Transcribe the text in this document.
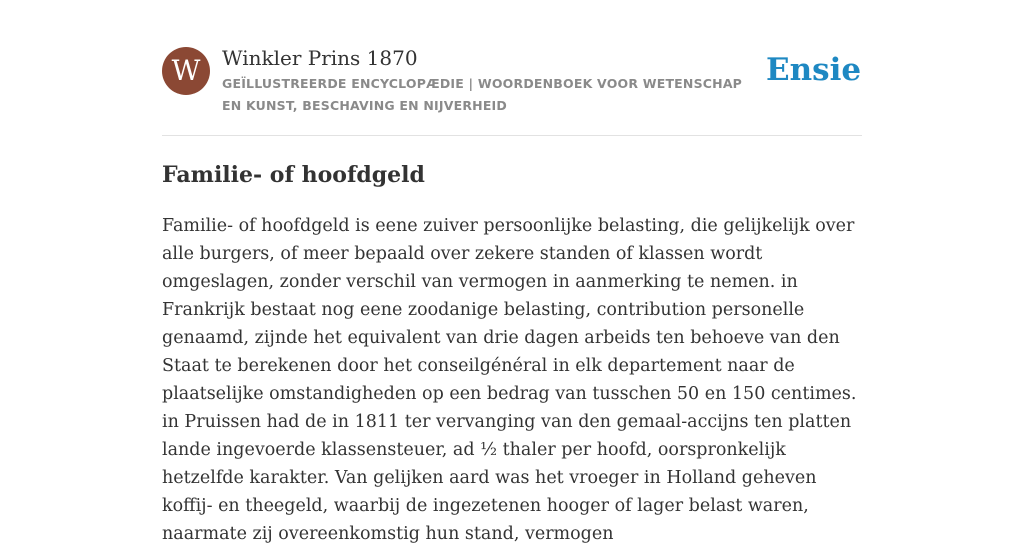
W	Winkler Prins 1870
GEÏLLUSTREERDE ENCYCLOPÆDIE | WOORDENBOEK VOOR WETENSCHAP EN KUNST, BESCHAVING EN NIJVERHEID
Ensie
Familie- of hoofdgeld

Familie- of hoofdgeld is eene zuiver persoonlijke belasting, die gelijkelijk over alle burgers, of meer bepaald over zekere standen of klassen wordt omgeslagen, zonder verschil van vermogen in aanmerking te nemen. in Frankrijk bestaat nog eene zoodanige belasting, contribution personelle genaamd, zijnde het equivalent van drie dagen arbeids ten behoeve van den Staat te berekenen door het conseilgénéral in elk departement naar de plaatselijke omstandigheden op een bedrag van tusschen 50 en 150 centimes. in Pruissen had de in 1811 ter vervanging van den gemaal-accijns ten platten lande ingevoerde klassensteuer, ad ½ thaler per hoofd, oorspronkelijk hetzelfde karakter. Van gelijken aard was het vroeger in Holland geheven koffij- en theegeld, waarbij de ingezetenen hooger of lager belast waren, naarmate zij overeenkomstig hun stand, vermogen
